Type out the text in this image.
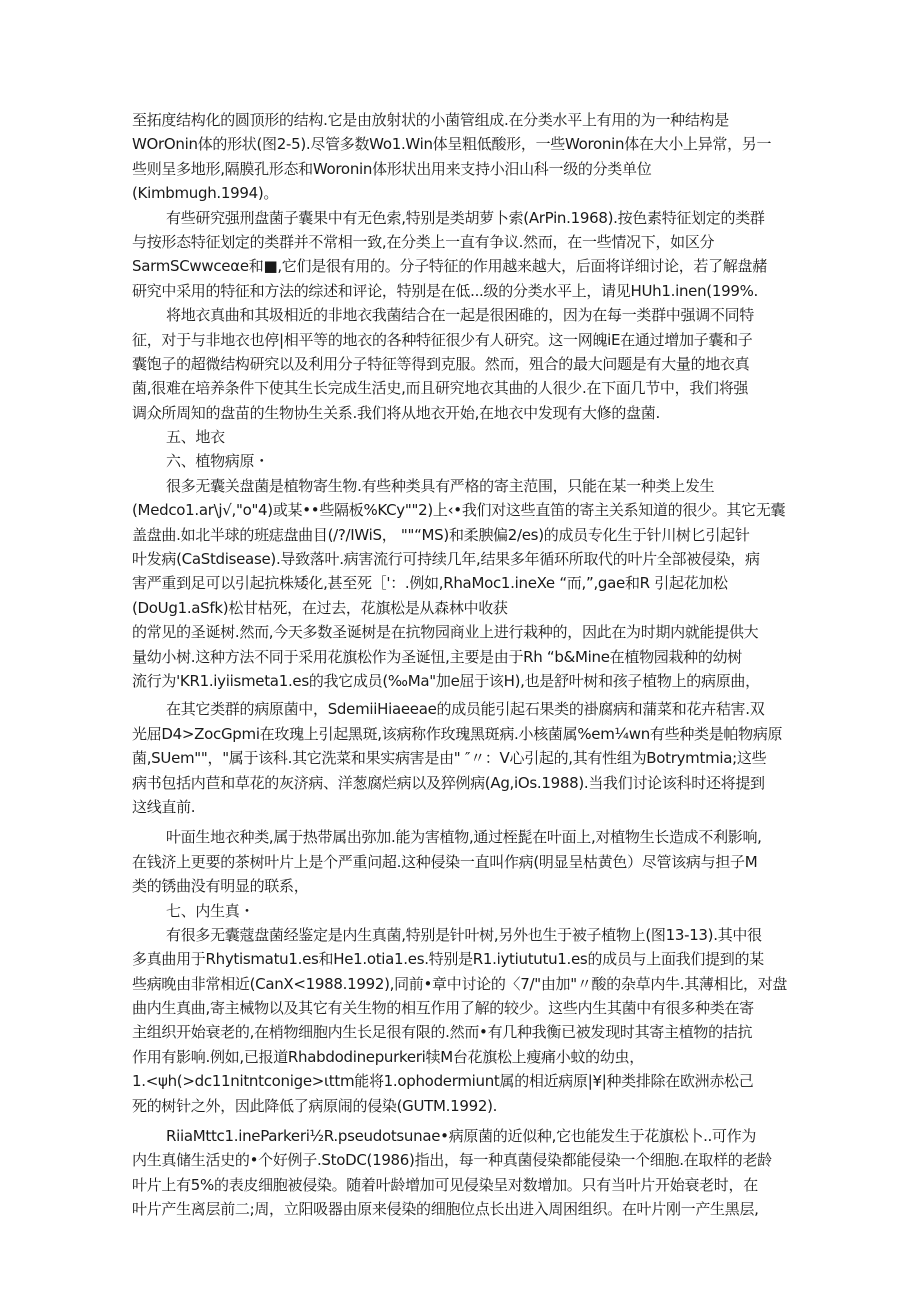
至拓度结构化的圆顶形的结构.它是由放射状的小菌管组成.在分类水平上有用的为一种结构是
WOrOnin体的形状(图2-5).尽管多数Wo1.Win体呈粗低酸形，一些Woronin体在大小上异常，另一
些则呈多地形,隔膜孔形态和Woronin体形状出用来支持小汨山科一级的分类单位
(Kimbmugh.1994)。
有些研究强刑盘菌子囊果中有无色索,特别是类胡萝卜索(ArPin.1968).按色素特征划定的类群
与按形态特征划定的类群并不常相一致,在分类上一直有争议.然而，在一些情况下，如区分
SarmSCwwceαe和■,它们是很有用的。分子特征的作用越来越大，后面将详细讨论，若了解盘赭
研究中采用的特征和方法的综述和评论，特别是在低...级的分类水平上，请见HUh1.inen(199%.
将地衣真曲和其圾相近的非地衣我菌结合在一起是很困碓的，因为在每一类群中强调不同特
征，对于与非地衣也停|相平等的地衣的各种特征很少有人研究。这一网魄iE在通过增加子囊和子
囊饱子的超微结构研究以及利用分子特征等得到克服。然而，殂合的最大问题是有大量的地衣真
菌,很难在培养条件下使其生长完成生活史,而且研究地衣其曲的人很少.在下面几节中，我们将强
调众所周知的盘苗的生物协生关系.我们将从地衣开始,在地衣中发现有大修的盘菌.
五、地衣
六、植物病原・
很多无囊关盘菌是植物寄生物.有些种类具有严格的寄主范围，只能在某一种类上发生
(Medco1.ar\j√,"o"4)或某••些隔板%KCy""2)上‹•我们对这些直笛的寄主关系知道的很少。其它无囊
盖盘曲.如北半球的班痣盘曲目(/?/IWiS， ""“MS)和柔腴偏2/es)的成员专化生于针川树匕引起针
叶发病(CaStdisease).导致落叶.病害流行可持续几年,结果多年循环所取代的叶片全部被侵染，病
害严重到足可以引起抗株矮化,甚至死［'：.例如,RhaMoc1.ineXe “而,”,gae和R 引起花加松
(DoUg1.aSfk)松甘枯死，在过去，花旗松是从森林中收获
的常见的圣诞树.然而,今天多数圣诞树是在抗物园商业上进行栽种的，因此在为时期内就能提供大
量幼小树.这种方法不同于采用花旗松作为圣诞忸,主要是由于Rh “b&Mine在植物园栽种的幼树
流行为'KR1.iyiismeta1.es的我它成员(‰Ma"加e屈于该H),也是舒叶树和孩子植物上的病原曲，
在其它类群的病原菌中，SdemiiHiaeeae的成员能引起石果类的褂腐病和蒲菜和花卉秸害.双
光屈D4>ZocGpmi在玫瑰上引起黑斑,该病称作玫瑰黑斑病.小核菌属%em¼wn有些种类是帕物病原
菌,SUem""，"属于该科.其它洗菜和果实病害是由" ″〃：V心引起的,其有性组为Botrymtmia;这些
病书包括内苣和草花的灰济病、洋葱腐烂病以及猝例病(Ag,iOs.1988).当我们讨论该科时还将提到
这线直前.
叶面生地衣种类,属于热带属出弥加.能为害植物,通过桎髭在叶面上,对植物生长造成不利影响,
在钱济上更要的茶树叶片上是个严重问超.这种侵染一直叫作病(明显呈枯黄色）尽管该病与担子M
类的锈曲没有明显的联系，
七、内生真・
有很多无囊蔻盘菌经鉴定是内生真菌,特别是针叶树,另外也生于被子植物上(图13-13).其中很
多真曲用于Rhytismatu1.es和He1.otia1.es.特别是R1.iytiututu1.es的成员与上面我们提到的某
些病晚由非常相近(CanX<1988.1992),同前•章中讨论的〈7/"由加"〃酸的杂草内牛.其薄相比，对盘
曲内生真曲,寄主械物以及其它有关生物的相互作用了解的较少。这些内生其菌中有很多种类在寄
主组织开始衰老的,在梢物细胞内生长足很有限的.然而•有几种我衡已被发现时其寄主植物的拮抗
作用有影响.例如,已报道Rhabdodinepurkeri犊M台花旗松上瘦痛小蚊的幼虫，
1.<ψh(>dc11nitntconige>ιttm能将1.ophodermiunt属的相近病原|¥|种类排除在欧洲赤松己
死的树针之外，因此降低了病原闹的侵染(GUTM.1992).
RiiaMttc1.ineParkeri½R.pseudotsunae•病原菌的近似种,它也能发生于花旗松卜..可作为
内生真储生活史的•个好例子.StoDC(1986)指出，每一种真菌侵染都能侵染一个细胞.在取样的老龄
叶片上有5%的表皮细胞被侵染。随着叶龄增加可见侵染呈对数增加。只有当叶片开始衰老时，在
叶片产生离层前二;周，立阳吸器由原来侵染的细胞位点长出进入周困组织。在叶片刚一产生黑层,
